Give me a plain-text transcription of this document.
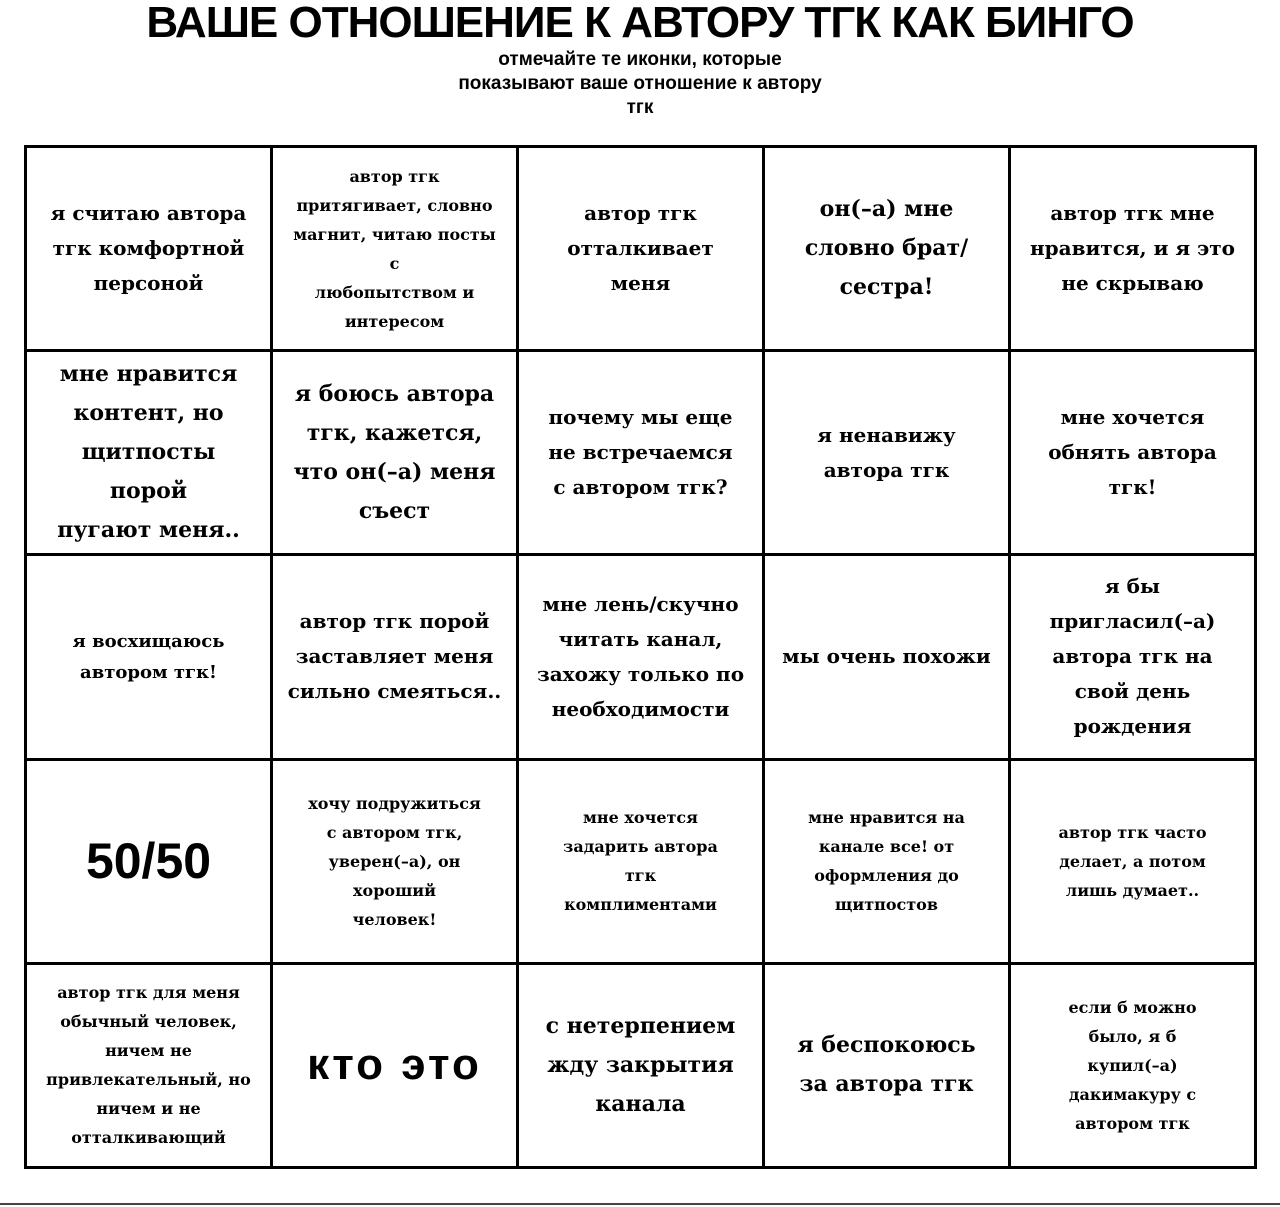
ВАШЕ ОТНОШЕНИЕ К АВТОРУ ТГК КАК БИНГО
отмечайте те иконки, которые
показывают ваше отношение к автору
тгк
я считаю автора
тгк комфортной
персоной
автор тгк
притягивает, словно
магнит, читаю посты с
любопытством и
интересом
автор тгк
отталкивает
меня
он(–а) мне
словно брат/
сестра!
автор тгк мне
нравится, и я это
не скрываю
мне нравится
контент, но
щитпосты порой
пугают меня..
я боюсь автора
тгк, кажется,
что он(–а) меня
съест
почему мы еще
не встречаемся
с автором тгк?
я ненавижу
автора тгк
мне хочется
обнять автора
тгк!
я восхищаюсь
автором тгк!
автор тгк порой
заставляет меня
сильно смеяться..
мне лень/скучно
читать канал,
захожу только по
необходимости
мы очень похожи
я бы
пригласил(–а)
автора тгк на
свой день
рождения
50/50
хочу подружиться
с автором тгк,
уверен(–а), он
хороший
человек!
мне хочется
задарить автора
тгк
комплиментами
мне нравится на
канале все! от
оформления до
щитпостов
автор тгк часто
делает, а потом
лишь думает..
автор тгк для меня
обычный человек,
ничем не
привлекательный, но
ничем и не
отталкивающий
кто это
с нетерпением
жду закрытия
канала
я беспокоюсь
за автора тгк
если б можно
было, я б
купил(–а)
дакимакуру с
автором тгк
